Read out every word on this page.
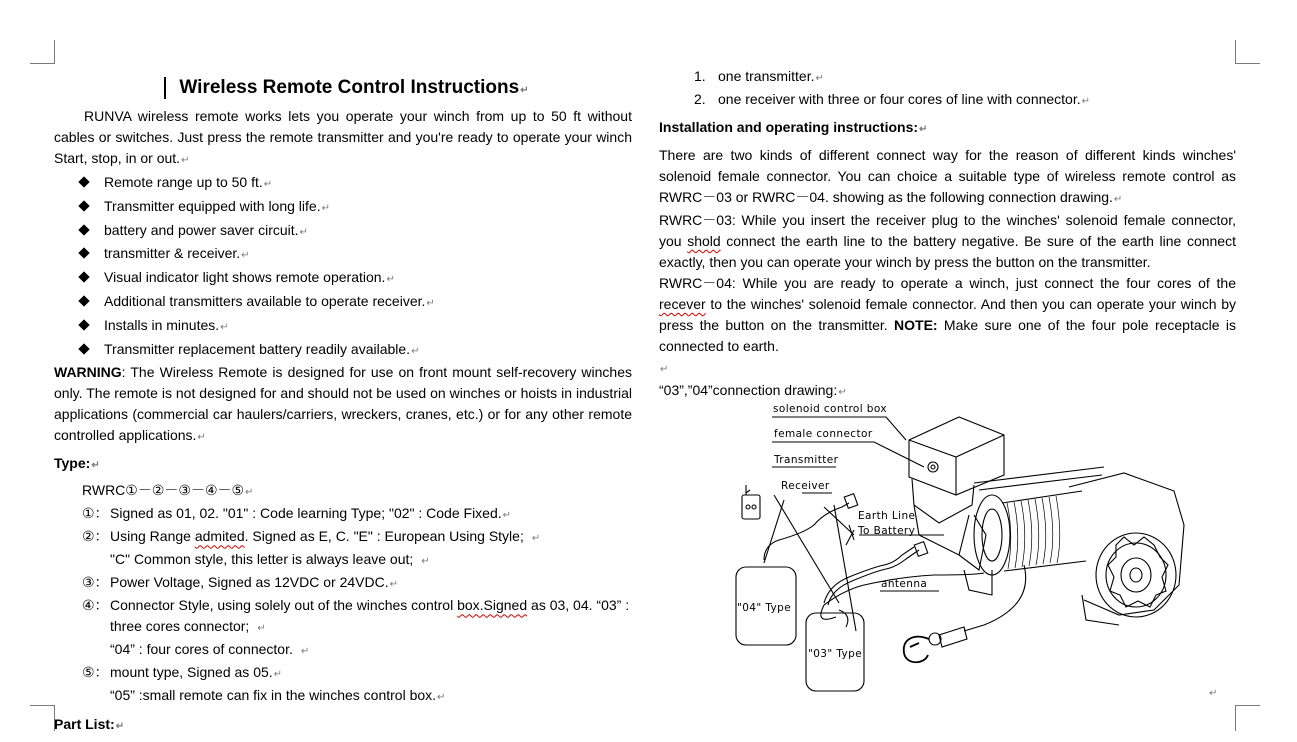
Wireless Remote Control Instructions↵

RUNVA wireless remote works lets you operate your winch from up to 50 ft without cables or switches. Just press the remote transmitter and you're ready to operate your winch Start, stop, in or out.↵

Remote range up to 50 ft.↵
Transmitter equipped with long life.↵
battery and power saver circuit.↵
transmitter & receiver.↵
Visual indicator light shows remote operation.↵
Additional transmitters available to operate receiver.↵
Installs in minutes.↵
Transmitter replacement battery readily available.↵

WARNING: The Wireless Remote is designed for use on front mount self-recovery winches only. The remote is not designed for and should not be used on winches or hoists in industrial applications (commercial car haulers/carriers, wreckers, cranes, etc.) or for any other remote controlled applications.↵

Type:↵

RWRC①－②－③－④－⑤↵

①：Signed as 01, 02. "01" : Code learning Type; "02" : Code Fixed.↵

②：Using Range admited. Signed as E, C. "E" : European Using Style; ↵

"C" Common style, this letter is always leave out; ↵

③：Power Voltage, Signed as 12VDC or 24VDC.↵

④：Connector Style, using solely out of the winches control box.Signed as 03, 04. “03” :

three cores connector; ↵

“04” : four cores of connector. ↵

⑤：mount type, Signed as 05.↵

“05” :small remote can fix in the winches control box.↵

Part List:↵

1. one transmitter.↵
2. one receiver with three or four cores of line with connector.↵

Installation and operating instructions:↵

There are two kinds of different connect way for the reason of different kinds winches' solenoid female connector. You can choice a suitable type of wireless remote control as RWRC－03 or RWRC－04. showing as the following connection drawing.↵

RWRC－03: While you insert the receiver plug to the winches' solenoid female connector, you shold connect the earth line to the battery negative. Be sure of the earth line connect exactly, then you can operate your winch by press the button on the transmitter.

RWRC－04: While you are ready to operate a winch, just connect the four cores of the recever to the winches' solenoid female connector. And then you can operate your winch by press the button on the transmitter. NOTE: Make sure one of the four pole receptacle is connected to earth.

↵

“03”,”04”connection drawing:↵

solenoid control box
female connector
Transmitter
Receiver
Earth Line
To Battery
antenna
"04" Type
"03" Type
↵
